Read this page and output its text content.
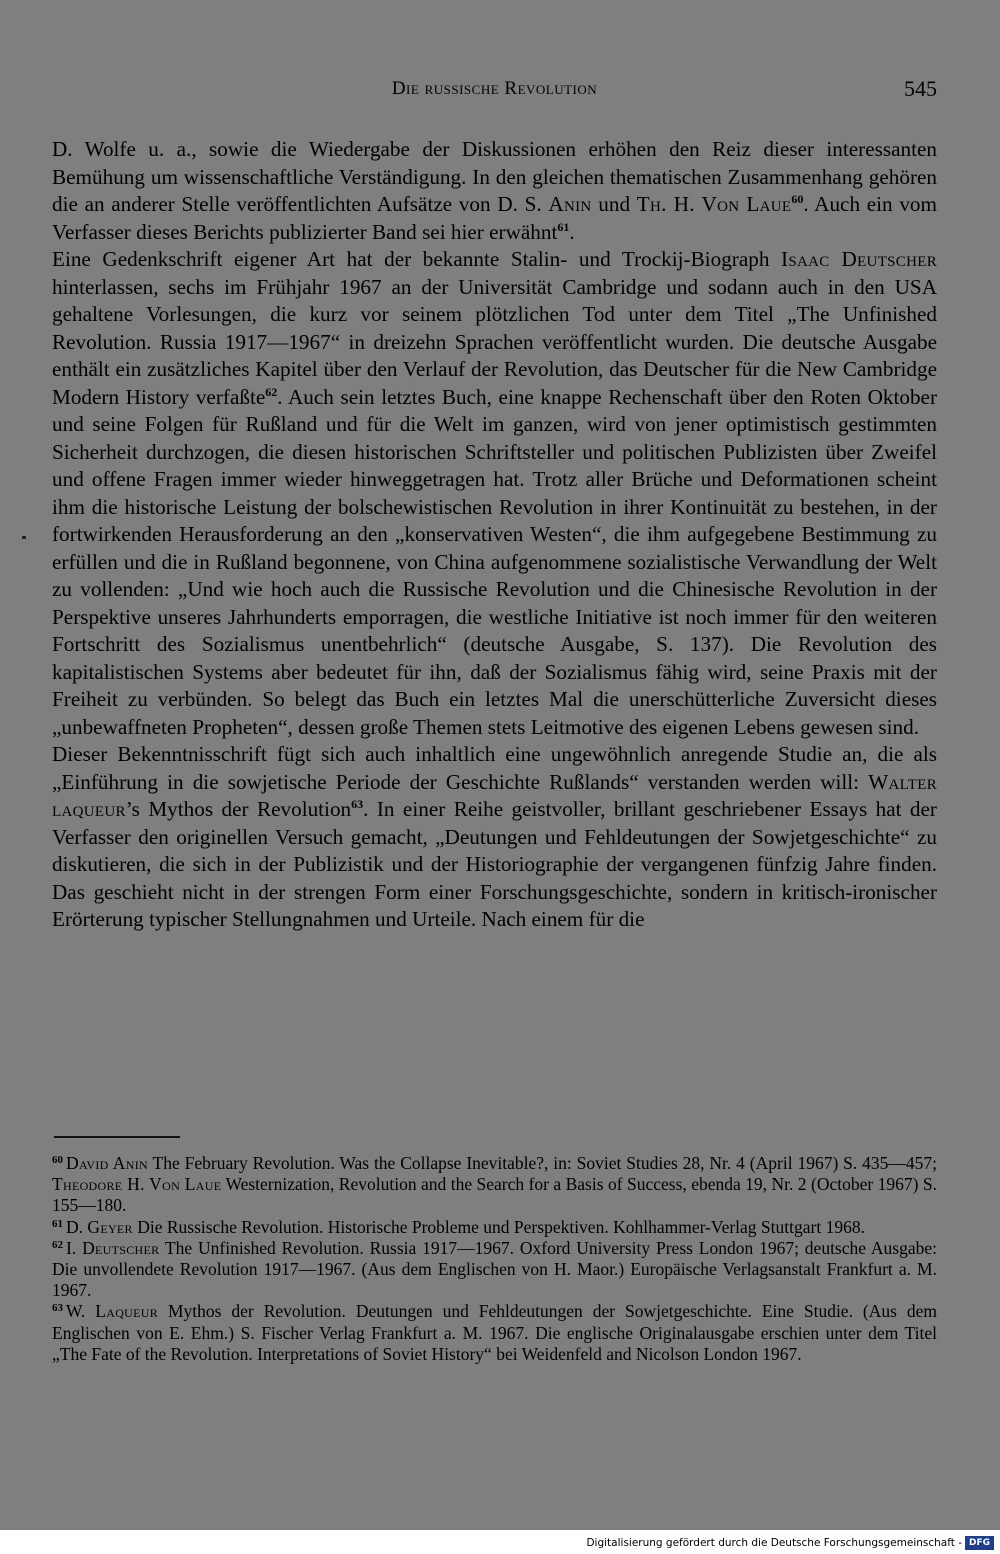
Die russische Revolution	545

D. Wolfe u. a., sowie die Wiedergabe der Diskussionen erhöhen den Reiz dieser interessanten Bemühung um wissenschaftliche Verständigung. In den gleichen thematischen Zusammenhang gehören die an anderer Stelle veröffentlichten Aufsätze von D. S. Anin und Th. H. Von Laue$^{60}$. Auch ein vom Verfasser dieses Berichts publizierter Band sei hier erwähnt$^{61}$.

Eine Gedenkschrift eigener Art hat der bekannte Stalin- und Trockij-Biograph Isaac Deutscher hinterlassen, sechs im Frühjahr 1967 an der Universität Cambridge und sodann auch in den USA gehaltene Vorlesungen, die kurz vor seinem plötzlichen Tod unter dem Titel „The Unfinished Revolution. Russia 1917—1967“ in dreizehn Sprachen veröffentlicht wurden. Die deutsche Ausgabe enthält ein zusätzliches Kapitel über den Verlauf der Revolution, das Deutscher für die New Cambridge Modern History verfaßte$^{62}$. Auch sein letztes Buch, eine knappe Rechenschaft über den Roten Oktober und seine Folgen für Rußland und für die Welt im ganzen, wird von jener optimistisch gestimmten Sicherheit durchzogen, die diesen historischen Schriftsteller und politischen Publizisten über Zweifel und offene Fragen immer wieder hinweggetragen hat. Trotz aller Brüche und Deformationen scheint ihm die historische Leistung der bolschewistischen Revolution in ihrer Kontinuität zu bestehen, in der fortwirkenden Herausforderung an den „konservativen Westen“, die ihm aufgegebene Bestimmung zu erfüllen und die in Rußland begonnene, von China aufgenommene sozialistische Verwandlung der Welt zu vollenden: „Und wie hoch auch die Russische Revolution und die Chinesische Revolution in der Perspektive unseres Jahrhunderts emporragen, die westliche Initiative ist noch immer für den weiteren Fortschritt des Sozialismus unentbehrlich“ (deutsche Ausgabe, S. 137). Die Revolution des kapitalistischen Systems aber bedeutet für ihn, daß der Sozialismus fähig wird, seine Praxis mit der Freiheit zu verbünden. So belegt das Buch ein letztes Mal die unerschütterliche Zuversicht dieses „unbewaffneten Propheten“, dessen große Themen stets Leitmotive des eigenen Lebens gewesen sind.

Dieser Bekenntnisschrift fügt sich auch inhaltlich eine ungewöhnlich anregende Studie an, die als „Einführung in die sowjetische Periode der Geschichte Rußlands“ verstanden werden will: Walter laqueur’s Mythos der Revolution$^{63}$. In einer Reihe geistvoller, brillant geschriebener Essays hat der Verfasser den originellen Versuch gemacht, „Deutungen und Fehldeutungen der Sowjetgeschichte“ zu diskutieren, die sich in der Publizistik und der Historiographie der vergangenen fünfzig Jahre finden. Das geschieht nicht in der strengen Form einer Forschungsgeschichte, sondern in kritisch-ironischer Erörterung typischer Stellungnahmen und Urteile. Nach einem für die

$^{60}$ David Anin The February Revolution. Was the Collapse Inevitable?, in: Soviet Studies 28, Nr. 4 (April 1967) S. 435—457; Theodore H. Von Laue Westernization, Revolution and the Search for a Basis of Success, ebenda 19, Nr. 2 (October 1967) S. 155—180.

$^{61}$ D. Geyer Die Russische Revolution. Historische Probleme und Perspektiven. Kohlhammer-Verlag Stuttgart 1968.

$^{62}$ I. Deutscher The Unfinished Revolution. Russia 1917—1967. Oxford University Press London 1967; deutsche Ausgabe: Die unvollendete Revolution 1917—1967. (Aus dem Englischen von H. Maor.) Europäische Verlagsanstalt Frankfurt a. M. 1967.

$^{63}$ W. Laqueur Mythos der Revolution. Deutungen und Fehldeutungen der Sowjetgeschichte. Eine Studie. (Aus dem Englischen von E. Ehm.) S. Fischer Verlag Frankfurt a. M. 1967. Die englische Originalausgabe erschien unter dem Titel „The Fate of the Revolution. Interpretations of Soviet History“ bei Weidenfeld and Nicolson London 1967.

Digitalisierung gefördert durch die Deutsche Forschungsgemeinschaft - DFG
